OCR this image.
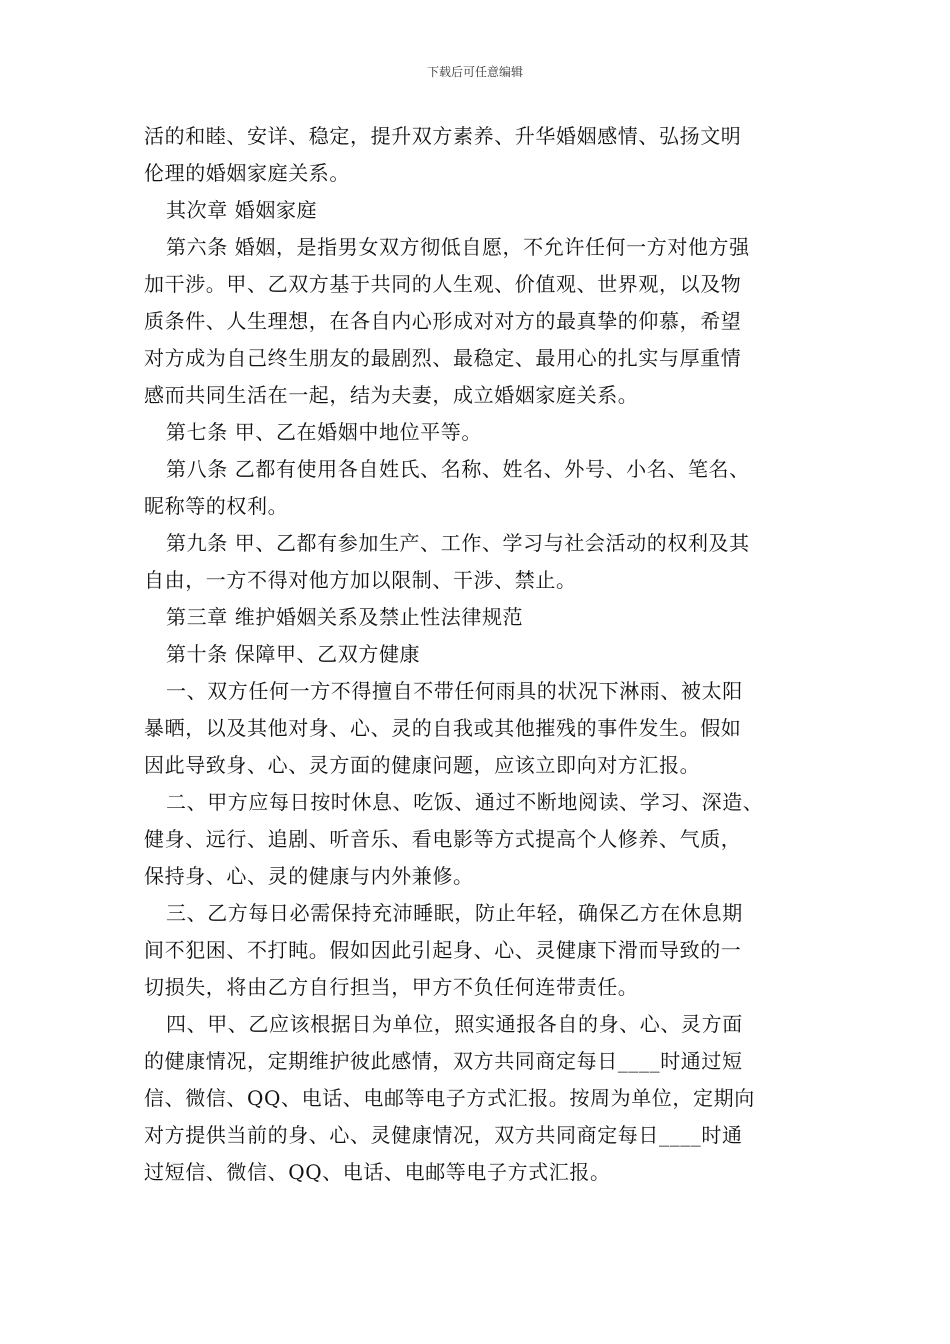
下载后可任意编辑
活的和睦、安详、稳定，提升双方素养、升华婚姻感情、弘扬文明
伦理的婚姻家庭关系。
其次章 婚姻家庭
第六条 婚姻，是指男女双方彻低自愿，不允许任何一方对他方强
加干涉。甲、乙双方基于共同的人生观、价值观、世界观，以及物
质条件、人生理想，在各自内心形成对对方的最真挚的仰慕，希望
对方成为自己终生朋友的最剧烈、最稳定、最用心的扎实与厚重情
感而共同生活在一起，结为夫妻，成立婚姻家庭关系。
第七条 甲、乙在婚姻中地位平等。
第八条 乙都有使用各自姓氏、名称、姓名、外号、小名、笔名、
昵称等的权利。
第九条 甲、乙都有参加生产、工作、学习与社会活动的权利及其
自由，一方不得对他方加以限制、干涉、禁止。
第三章 维护婚姻关系及禁止性法律规范
第十条 保障甲、乙双方健康
一、双方任何一方不得擅自不带任何雨具的状况下淋雨、被太阳
暴晒，以及其他对身、心、灵的自我或其他摧残的事件发生。假如
因此导致身、心、灵方面的健康问题，应该立即向对方汇报。
二、甲方应每日按时休息、吃饭、通过不断地阅读、学习、深造、
健身、远行、追剧、听音乐、看电影等方式提高个人修养、气质，
保持身、心、灵的健康与内外兼修。
三、乙方每日必需保持充沛睡眠，防止年轻，确保乙方在休息期
间不犯困、不打盹。假如因此引起身、心、灵健康下滑而导致的一
切损失，将由乙方自行担当，甲方不负任何连带责任。
四、甲、乙应该根据日为单位，照实通报各自的身、心、灵方面
的健康情况，定期维护彼此感情，双方共同商定每日____时通过短
信、微信、QQ、电话、电邮等电子方式汇报。按周为单位，定期向
对方提供当前的身、心、灵健康情况，双方共同商定每日____时通
过短信、微信、QQ、电话、电邮等电子方式汇报。
